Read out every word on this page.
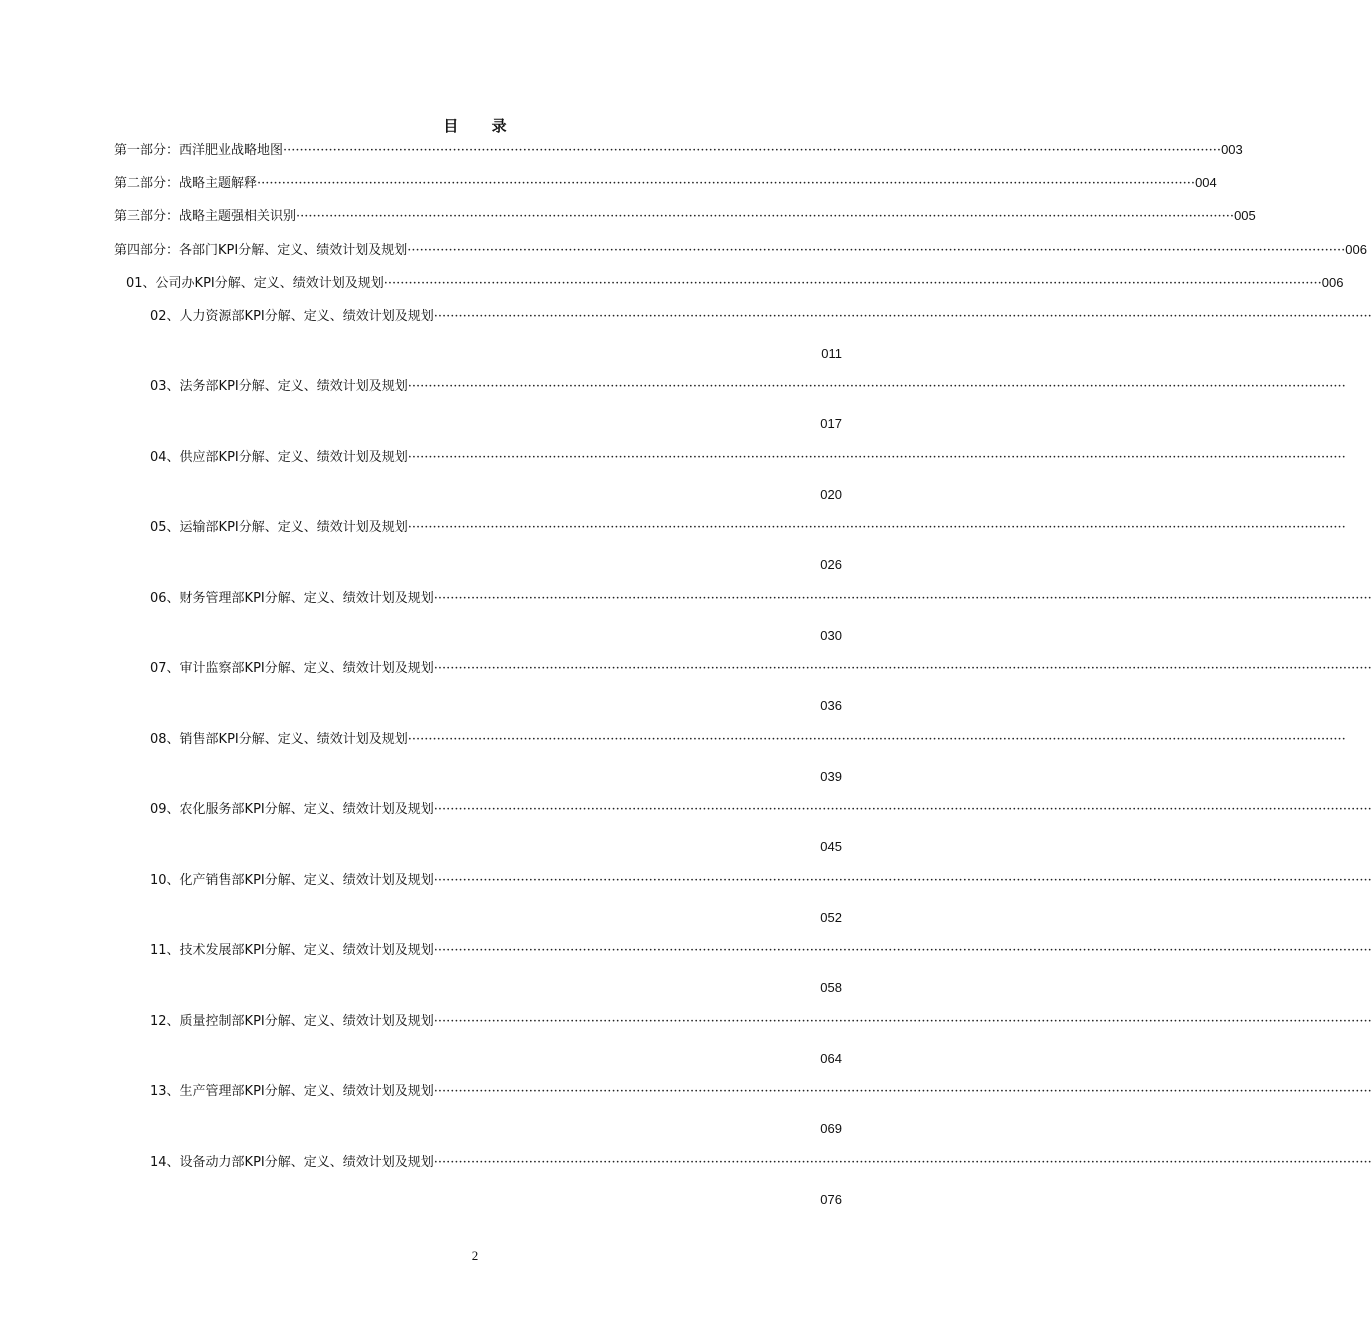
目 录
第一部分：西洋肥业战略地图 ··································································································································································································································· 003
第二部分：战略主题解释 ··································································································································································································································· 004
第三部分：战略主题强相关识别 ··································································································································································································································· 005
第四部分：各部门KPI分解、定义、绩效计划及规划 ··································································································································································································································· 006
01、公司办KPI分解、定义、绩效计划及规划 ··································································································································································································································· 006
02、人力资源部KPI分解、定义、绩效计划及规划 ···································································································································································································································
011
03、法务部KPI分解、定义、绩效计划及规划 ···································································································································································································································
017
04、供应部KPI分解、定义、绩效计划及规划 ···································································································································································································································
020
05、运输部KPI分解、定义、绩效计划及规划 ···································································································································································································································
026
06、财务管理部KPI分解、定义、绩效计划及规划 ···································································································································································································································
030
07、审计监察部KPI分解、定义、绩效计划及规划 ···································································································································································································································
036
08、销售部KPI分解、定义、绩效计划及规划 ···································································································································································································································
039
09、农化服务部KPI分解、定义、绩效计划及规划 ···································································································································································································································
045
10、化产销售部KPI分解、定义、绩效计划及规划 ···································································································································································································································
052
11、技术发展部KPI分解、定义、绩效计划及规划 ···································································································································································································································
058
12、质量控制部KPI分解、定义、绩效计划及规划 ···································································································································································································································
064
13、生产管理部KPI分解、定义、绩效计划及规划 ···································································································································································································································
069
14、设备动力部KPI分解、定义、绩效计划及规划 ···································································································································································································································
076
2
